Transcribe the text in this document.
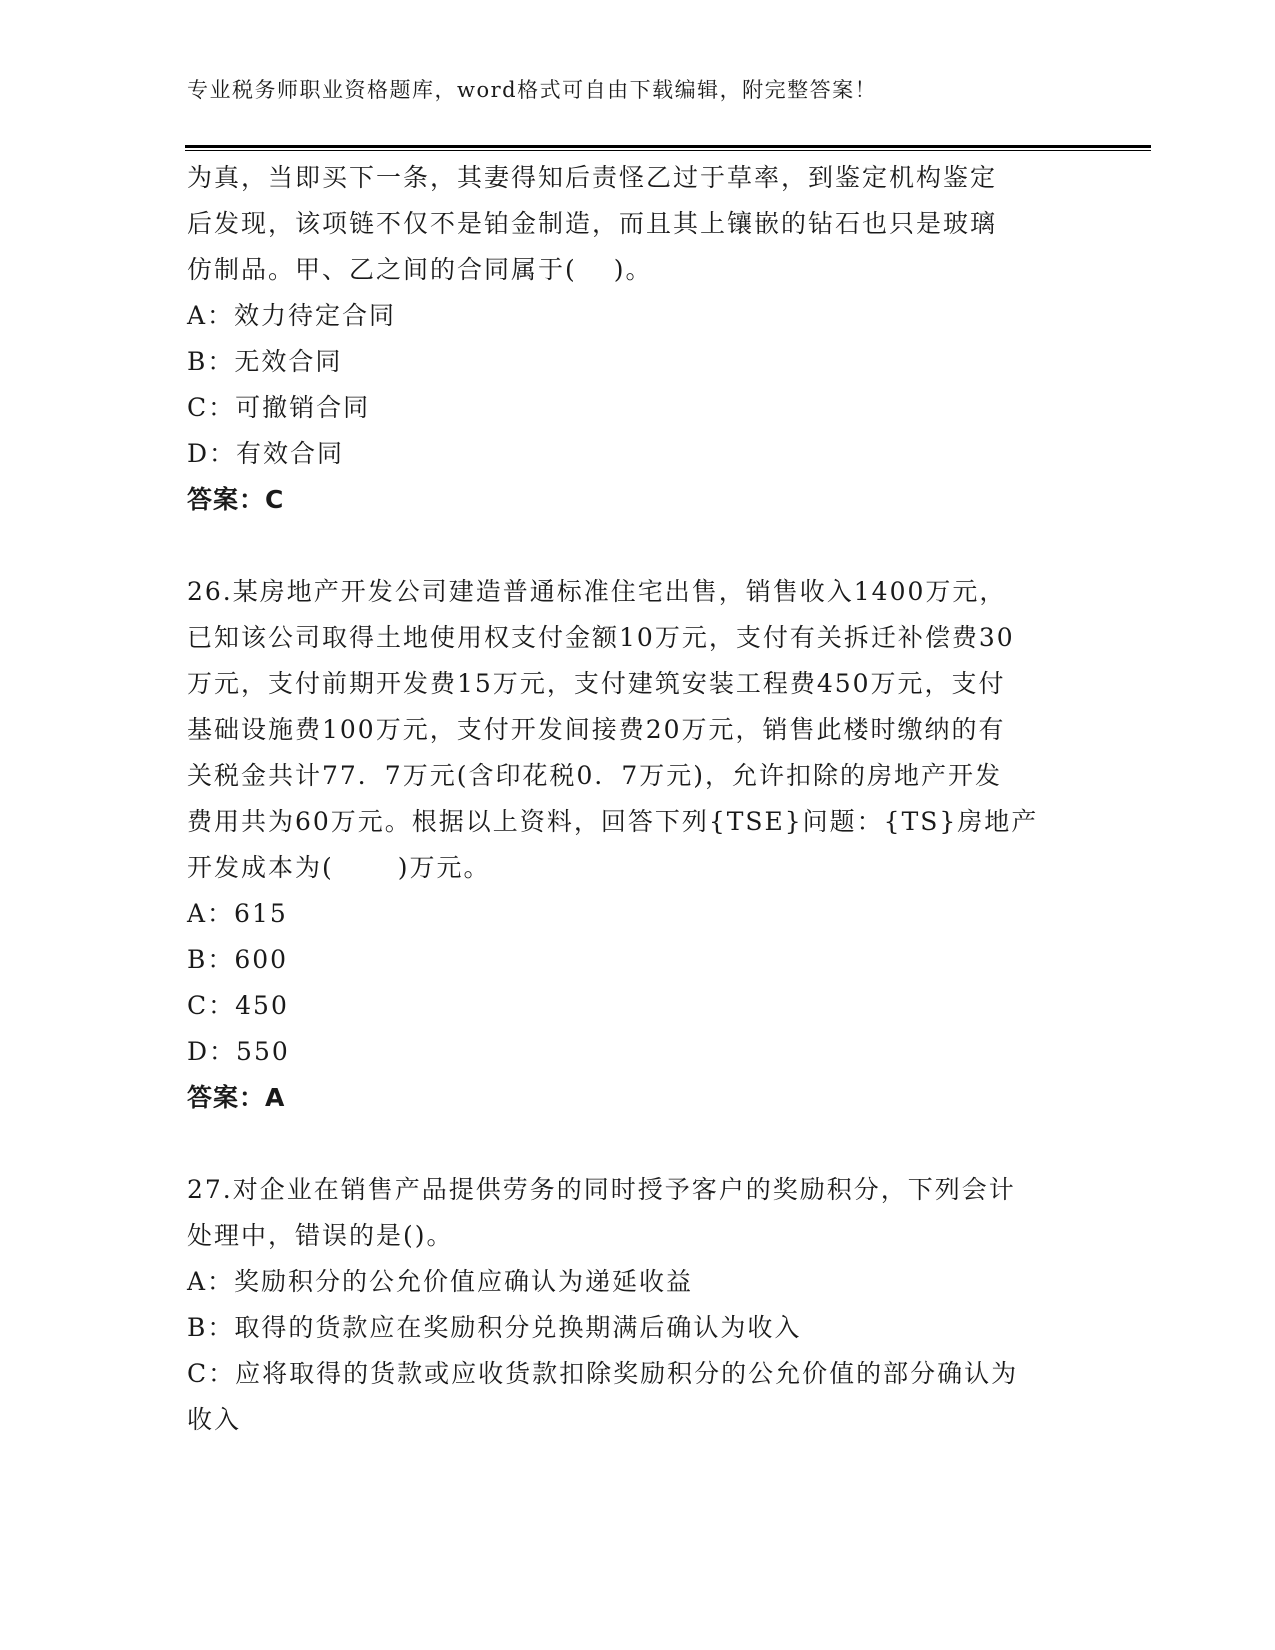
专业税务师职业资格题库，word格式可自由下载编辑，附完整答案！
为真，当即买下一条，其妻得知后责怪乙过于草率，到鉴定机构鉴定
后发现，该项链不仅不是铂金制造，而且其上镶嵌的钻石也只是玻璃
仿制品。甲、乙之间的合同属于(　 )。
A：效力待定合同
B：无效合同
C：可撤销合同
D：有效合同
答案：C
26.某房地产开发公司建造普通标准住宅出售，销售收入1400万元，
已知该公司取得土地使用权支付金额10万元，支付有关拆迁补偿费30
万元，支付前期开发费15万元，支付建筑安装工程费450万元，支付
基础设施费100万元，支付开发间接费20万元，销售此楼时缴纳的有
关税金共计77．7万元(含印花税0．7万元)，允许扣除的房地产开发
费用共为60万元。根据以上资料，回答下列{TSE}问题：{TS}房地产
开发成本为(　 　)万元。
A：615
B：600
C：450
D：550
答案：A
27.对企业在销售产品提供劳务的同时授予客户的奖励积分，下列会计
处理中，错误的是()。
A：奖励积分的公允价值应确认为递延收益
B：取得的货款应在奖励积分兑换期满后确认为收入
C：应将取得的货款或应收货款扣除奖励积分的公允价值的部分确认为
收入
